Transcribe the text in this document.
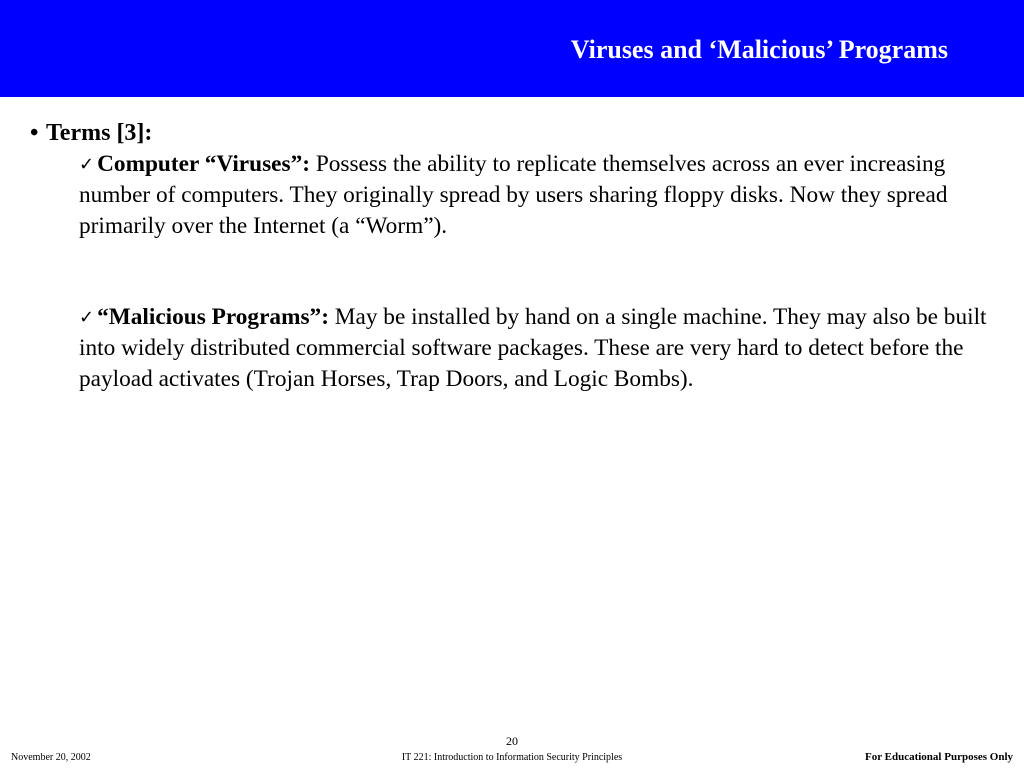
Viruses and ‘Malicious’ Programs
• Terms [3]:
✓ Computer “Viruses”: Possess the ability to replicate themselves across an ever increasing number of computers. They originally spread by users sharing floppy disks. Now they spread primarily over the Internet (a “Worm”).
✓ “Malicious Programs”: May be installed by hand on a single machine. They may also be built into widely distributed commercial software packages. These are very hard to detect before the payload activates (Trojan Horses, Trap Doors, and Logic Bombs).
20
November 20, 2002	IT 221: Introduction to Information Security Principles	For Educational Purposes Only
